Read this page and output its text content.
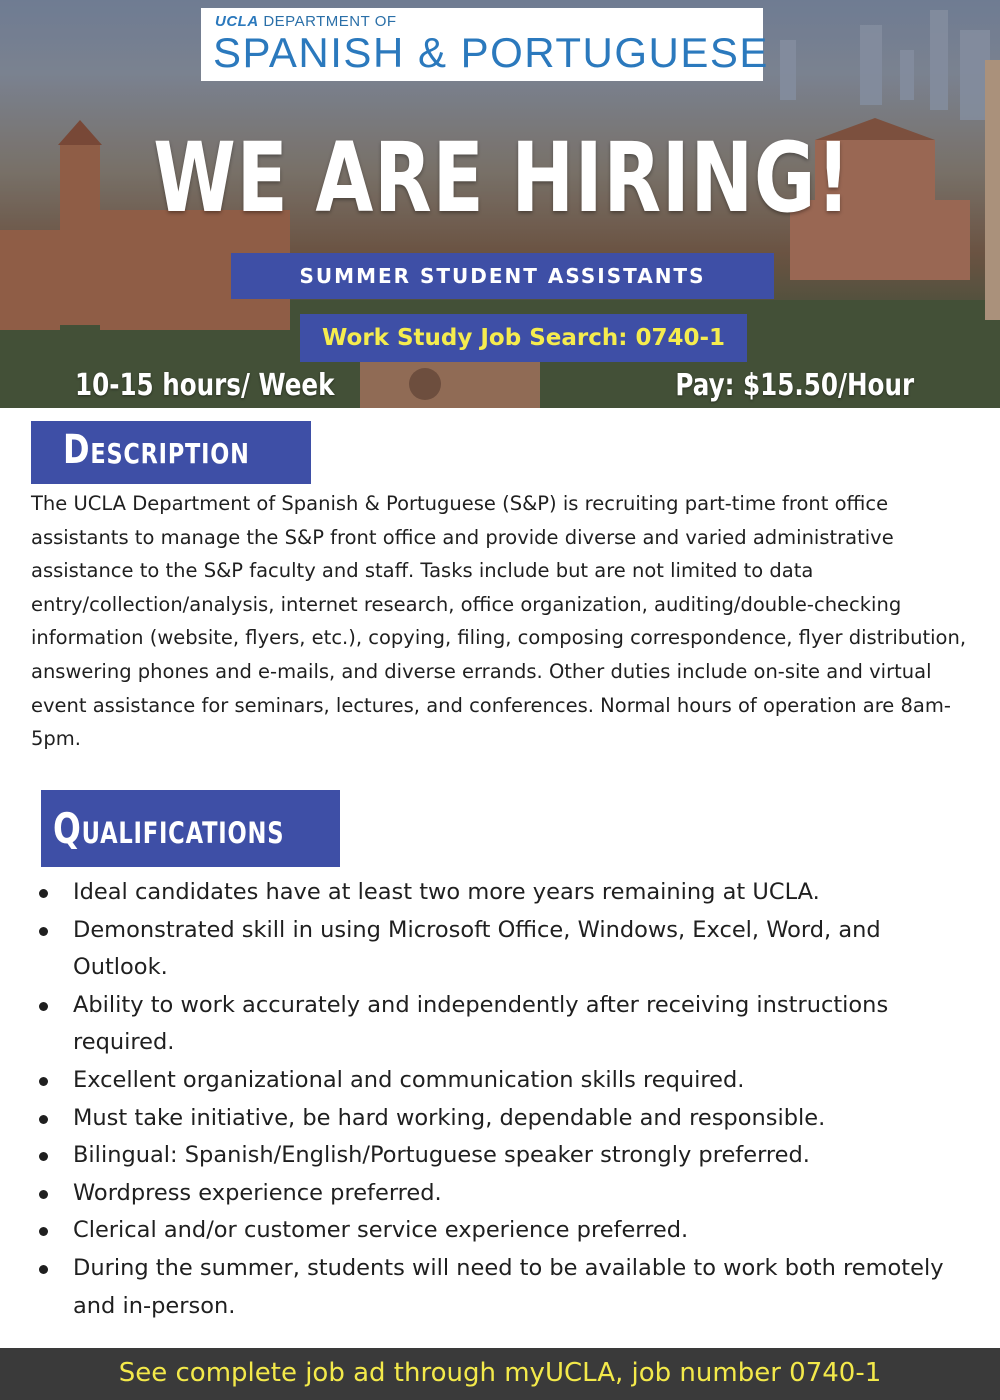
UCLA DEPARTMENT OF
SPANISH & PORTUGUESE
WE ARE HIRING!
SUMMER STUDENT ASSISTANTS
Work Study Job Search: 0740-1
10-15 hours/ Week	Pay: $15.50/Hour
Description

The UCLA Department of Spanish & Portuguese (S&P) is recruiting part-time front office assistants to manage the S&P front office and provide diverse and varied administrative assistance to the S&P faculty and staff. Tasks include but are not limited to data entry/collection/analysis, internet research, office organization, auditing/double-checking information (website, flyers, etc.), copying, filing, composing correspondence, flyer distribution, answering phones and e-mails, and diverse errands. Other duties include on-site and virtual event assistance for seminars, lectures, and conferences. Normal hours of operation are 8am-5pm.

Qualifications
Ideal candidates have at least two more years remaining at UCLA.
Demonstrated skill in using Microsoft Office, Windows, Excel, Word, and Outlook.
Ability to work accurately and independently after receiving instructions required.
Excellent organizational and communication skills required.
Must take initiative, be hard working, dependable and responsible.
Bilingual: Spanish/English/Portuguese speaker strongly preferred.
Wordpress experience preferred.
Clerical and/or customer service experience preferred.
During the summer, students will need to be available to work both remotely and in-person.
See complete job ad through myUCLA, job number 0740-1
